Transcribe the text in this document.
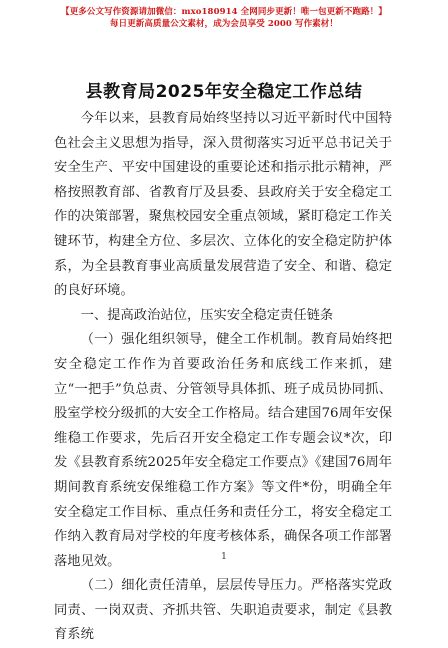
【更多公文写作资源请加微信：mxo180914 全网同步更新！唯一包更新不跑路！】
每日更新高质量公文素材，成为会员享受 2000 写作素材！
县教育局2025年安全稳定工作总结

今年以来，县教育局始终坚持以习近平新时代中国特色社会主义思想为指导，深入贯彻落实习近平总书记关于安全生产、平安中国建设的重要论述和指示批示精神，严格按照教育部、省教育厅及县委、县政府关于安全稳定工作的决策部署，聚焦校园安全重点领域，紧盯稳定工作关键环节，构建全方位、多层次、立体化的安全稳定防护体系，为全县教育事业高质量发展营造了安全、和谐、稳定的良好环境。

一、提高政治站位，压实安全稳定责任链条

（一）强化组织领导，健全工作机制。教育局始终把安全稳定工作作为首要政治任务和底线工作来抓，建立“一把手”负总责、分管领导具体抓、班子成员协同抓、股室学校分级抓的大安全工作格局。结合建国76周年安保维稳工作要求，先后召开安全稳定工作专题会议*次，印发《县教育系统2025年安全稳定工作要点》《建国76周年期间教育系统安保维稳工作方案》等文件*份，明确全年安全稳定工作目标、重点任务和责任分工，将安全稳定工作纳入教育局对学校的年度考核体系，确保各项工作部署落地见效。

（二）细化责任清单，层层传导压力。严格落实党政同责、一岗双责、齐抓共管、失职追责要求，制定《县教育系统

1
